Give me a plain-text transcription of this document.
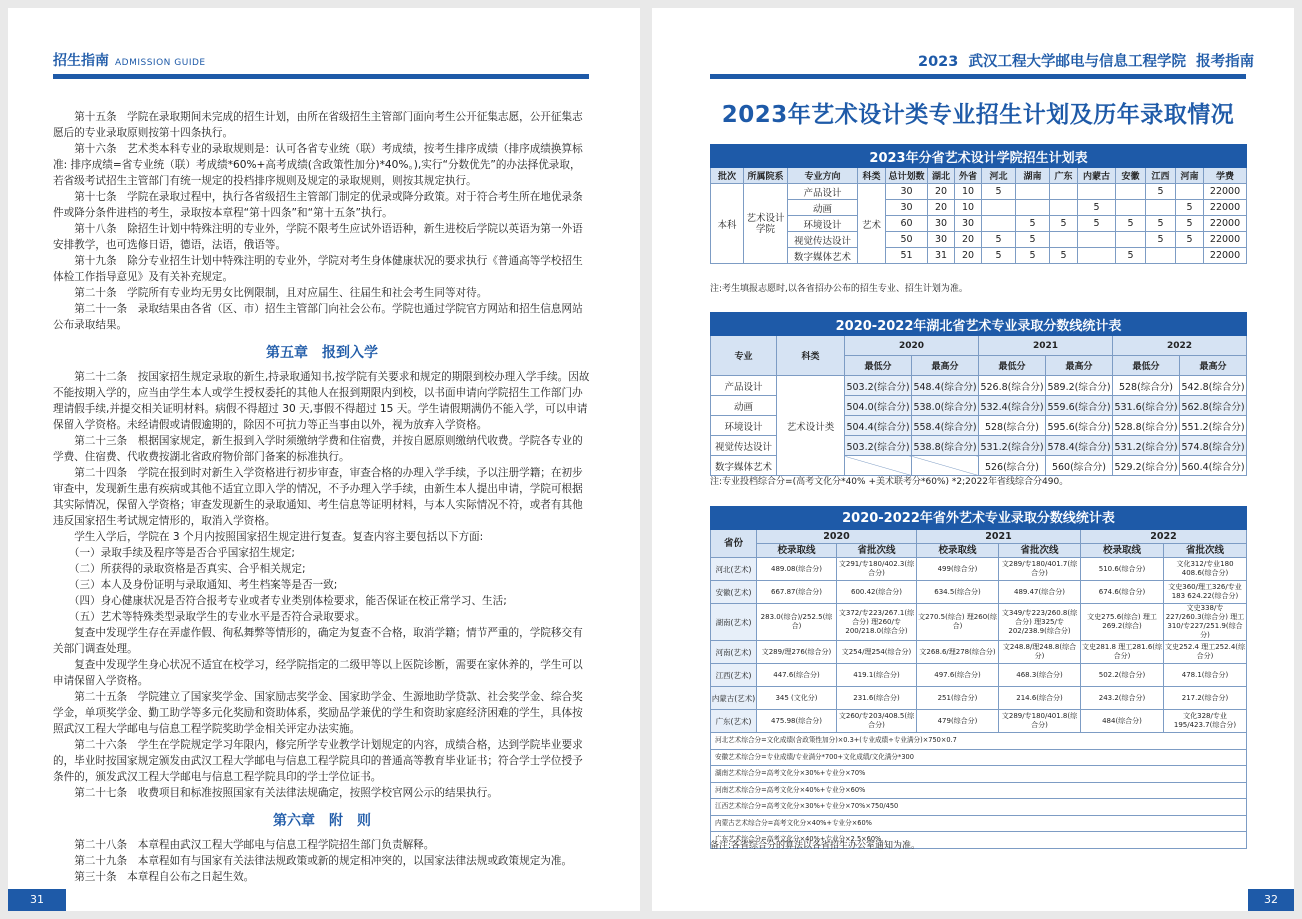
招生指南 ADMISSION GUIDE

第十五条　学院在录取期间未完成的招生计划，由所在省级招生主管部门面向考生公开征集志愿，公开征集志愿后的专业录取原则按第十四条执行。

第十六条　艺术类本科专业的录取规则是：认可各省专业统（联）考成绩，按考生排序成绩（排序成绩换算标准: 排序成绩=省专业统（联）考成绩*60%+高考成绩(含政策性加分)*40%。),实行“分数优先”的办法择优录取，若省级考试招生主管部门有统一规定的投档排序规则及规定的录取规则，则按其规定执行。

第十七条　学院在录取过程中，执行各省级招生主管部门制定的优录或降分政策。对于符合考生所在地优录条件或降分条件进档的考生，录取按本章程“第十四条”和“第十五条”执行。

第十八条　除招生计划中特殊注明的专业外，学院不限考生应试外语语种，新生进校后学院以英语为第一外语安排教学，也可选修日语，德语，法语，俄语等。

第十九条　除分专业招生计划中特殊注明的专业外，学院对考生身体健康状况的要求执行《普通高等学校招生体检工作指导意见》及有关补充规定。

第二十条　学院所有专业均无男女比例限制，且对应届生、往届生和社会考生同等对待。

第二十一条　录取结果由各省（区、市）招生主管部门向社会公布。学院也通过学院官方网站和招生信息网站公布录取结果。

第五章　报到入学

第二十二条　按国家招生规定录取的新生,持录取通知书,按学院有关要求和规定的期限到校办理入学手续。因故不能按期入学的，应当由学生本人或学生授权委托的其他人在报到期限内到校，以书面申请向学院招生工作部门办理请假手续,并提交相关证明材料。病假不得超过 30 天,事假不得超过 15 天。学生请假期满仍不能入学，可以申请保留入学资格。未经请假或请假逾期的，除因不可抗力等正当事由以外，视为放弃入学资格。

第二十三条　根据国家规定，新生报到入学时须缴纳学费和住宿费，并按自愿原则缴纳代收费。学院各专业的学费、住宿费、代收费按湖北省政府物价部门备案的标准执行。

第二十四条　学院在报到时对新生入学资格进行初步审查，审查合格的办理入学手续，予以注册学籍；在初步审查中，发现新生患有疾病或其他不适宜立即入学的情况，不予办理入学手续，由新生本人提出申请，学院可根据其实际情况，保留入学资格；审查发现新生的录取通知、考生信息等证明材料，与本人实际情况不符，或者有其他违反国家招生考试规定情形的，取消入学资格。

学生入学后，学院在 3 个月内按照国家招生规定进行复查。复查内容主要包括以下方面:

（一）录取手续及程序等是否合乎国家招生规定;

（二）所获得的录取资格是否真实、合乎相关规定;

（三）本人及身份证明与录取通知、考生档案等是否一致;

（四）身心健康状况是否符合报考专业或者专业类别体检要求，能否保证在校正常学习、生活;

（五）艺术等特殊类型录取学生的专业水平是否符合录取要求。

复查中发现学生存在弄虚作假、徇私舞弊等情形的，确定为复查不合格，取消学籍；情节严重的，学院移交有关部门调查处理。

复查中发现学生身心状况不适宜在校学习，经学院指定的二级甲等以上医院诊断，需要在家休养的，学生可以申请保留入学资格。

第二十五条　学院建立了国家奖学金、国家励志奖学金、国家助学金、生源地助学贷款、社会奖学金、综合奖学金，单项奖学金、勤工助学等多元化奖励和资助体系，奖励品学兼优的学生和资助家庭经济困难的学生，具体按照武汉工程大学邮电与信息工程学院奖助学金相关评定办法实施。

第二十六条　学生在学院规定学习年限内，修完所学专业教学计划规定的内容，成绩合格，达到学院毕业要求的，毕业时按国家规定颁发由武汉工程大学邮电与信息工程学院具印的普通高等教育毕业证书；符合学士学位授予条件的，颁发武汉工程大学邮电与信息工程学院具印的学士学位证书。

第二十七条　收费项目和标准按照国家有关法律法规确定，按照学校官网公示的结果执行。

第六章　附　则

第二十八条　本章程由武汉工程大学邮电与信息工程学院招生部门负责解释。

第二十九条　本章程如有与国家有关法律法规政策或新的规定相冲突的，以国家法律法规或政策规定为准。

第三十条　本章程自公布之日起生效。

31
2023 武汉工程大学邮电与信息工程学院 报考指南
2023年艺术设计类专业招生计划及历年录取情况
2023年分省艺术设计学院招生计划表														
批次	所属院系	专业方向	科类	总计划数	湖北	外省	河北	湖南	广东	内蒙古	安徽	江西	河南	学费
本科	艺术设计学院	产品设计	艺术	30	20	10	5					5		22000
		动画		30	20	10				5			5	22000
		环境设计		60	30	30		5	5	5	5	5	5	22000
		视觉传达设计		50	30	20	5	5				5	5	22000
		数字媒体艺术		51	31	20	5	5	5		5			22000
注:考生填报志愿时,以各省招办公布的招生专业、招生计划为准。
2020-2022年湖北省艺术专业录取分数线统计表							
专业	科类	2020		2021		2022	
		最低分	最高分	最低分	最高分	最低分	最高分
产品设计	艺术设计类	503.2(综合分)	548.4(综合分)	526.8(综合分)	589.2(综合分)	528(综合分)	542.8(综合分)
动画		504.0(综合分)	538.0(综合分)	532.4(综合分)	559.6(综合分)	531.6(综合分)	562.8(综合分)
环境设计		504.4(综合分)	558.4(综合分)	528(综合分)	595.6(综合分)	528.8(综合分)	551.2(综合分)
视觉传达设计		503.2(综合分)	538.8(综合分)	531.2(综合分)	578.4(综合分)	531.2(综合分)	574.8(综合分)
数字媒体艺术				526(综合分)	560(综合分)	529.2(综合分)	560.4(综合分)
注:专业投档综合分=(高考文化分*40% +美术联考分*60%) *2;2022年省线综合分490。
2020-2022年省外艺术专业录取分数线统计表						
省份	2020		2021		2022	
	校录取线	省批次线	校录取线	省批次线	校录取线	省批次线
河北(艺术)	489.08(综合分)	文291/专180/402.3(综合分)	499(综合分)	文289/专180/401.7(综合分)	510.6(综合分)	文化312/专业180 408.6(综合分)
安徽(艺术)	667.87(综合分)	600.42(综合分)	634.5(综合分)	489.47(综合分)	674.6(综合分)	文史360/理工326/专业183 624.22(综合分)
湖南(艺术)	283.0(综合)/252.5(综合)	文372/专223/267.1(综合分) 理260/专200/218.0(综合分)	文270.5(综合) 理260(综合)	文349/专223/260.8(综合分) 理325/专202/238.9(综合分)	文史275.6(综合) 理工269.2(综合)	文史338/专227/260.3(综合分) 理工310/专227/251.9(综合分)
河南(艺术)	文289/理276(综合分)	文254/理254(综合分)	文268.6/理278(综合分)	文248.8/理248.8(综合分)	文史281.8 理工281.6(综合分)	文史252.4 理工252.4(综合分)
江西(艺术)	447.6(综合分)	419.1(综合分)	497.6(综合分)	468.3(综合分)	502.2(综合分)	478.1(综合分)
内蒙古(艺术)	345 (文化分)	231.6(综合分)	251(综合分)	214.6(综合分)	243.2(综合分)	217.2(综合分)
广东(艺术)	475.98(综合分)	文260/专203/408.5(综合分)	479(综合分)	文289/专180/401.8(综合分)	484(综合分)	文化328/专业195/423.7(综合分)
河北艺术综合分=文化成绩(含政策性加分)×0.3+(专业成绩÷专业满分)×750×0.7						
安徽艺术综合分=专业成绩/专业满分*700+文化成绩/文化满分*300						
湖南艺术综合分=高考文化分×30%+专业分×70%						
河南艺术综合分=高考文化分×40%+专业分×60%						
江西艺术综合分=高考文化分×30%+专业分×70%×750/450						
内蒙古艺术综合分=高考文化分×40%+专业分×60%						
广东艺术综合分=高考文化分×40%+专业分×2.5×60%						
备注:各省综合分的算法以各省招生办公室通知为准。
32
